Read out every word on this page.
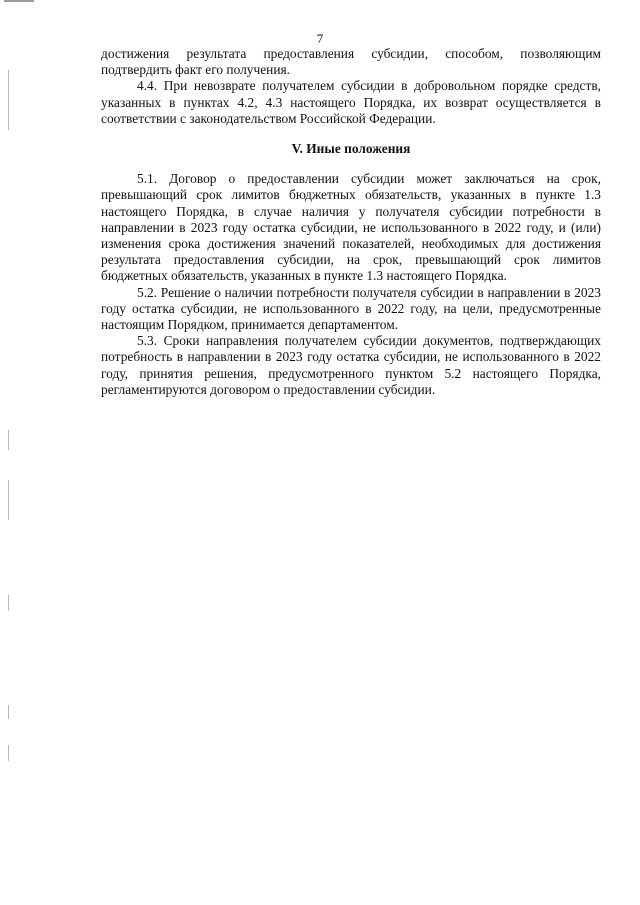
7

достижения результата предоставления субсидии, способом, позволяющим подтвердить факт его получения.

4.4. При невозврате получателем субсидии в добровольном порядке средств, указанных в пунктах 4.2, 4.3 настоящего Порядка, их возврат осуществляется в соответствии с законодательством Российской Федерации.

V. Иные положения

5.1. Договор о предоставлении субсидии может заключаться на срок, превышающий срок лимитов бюджетных обязательств, указанных в пункте 1.3 настоящего Порядка, в случае наличия у получателя субсидии потребности в направлении в 2023 году остатка субсидии, не использованного в 2022 году, и (или) изменения срока достижения значений показателей, необходимых для достижения результата предоставления субсидии, на срок, превышающий срок лимитов бюджетных обязательств, указанных в пункте 1.3 настоящего Порядка.

5.2. Решение о наличии потребности получателя субсидии в направлении в 2023 году остатка субсидии, не использованного в 2022 году, на цели, предусмотренные настоящим Порядком, принимается департаментом.

5.3. Сроки направления получателем субсидии документов, подтверждающих потребность в направлении в 2023 году остатка субсидии, не использованного в 2022 году, принятия решения, предусмотренного пунктом 5.2 настоящего Порядка, регламентируются договором о предоставлении субсидии.
